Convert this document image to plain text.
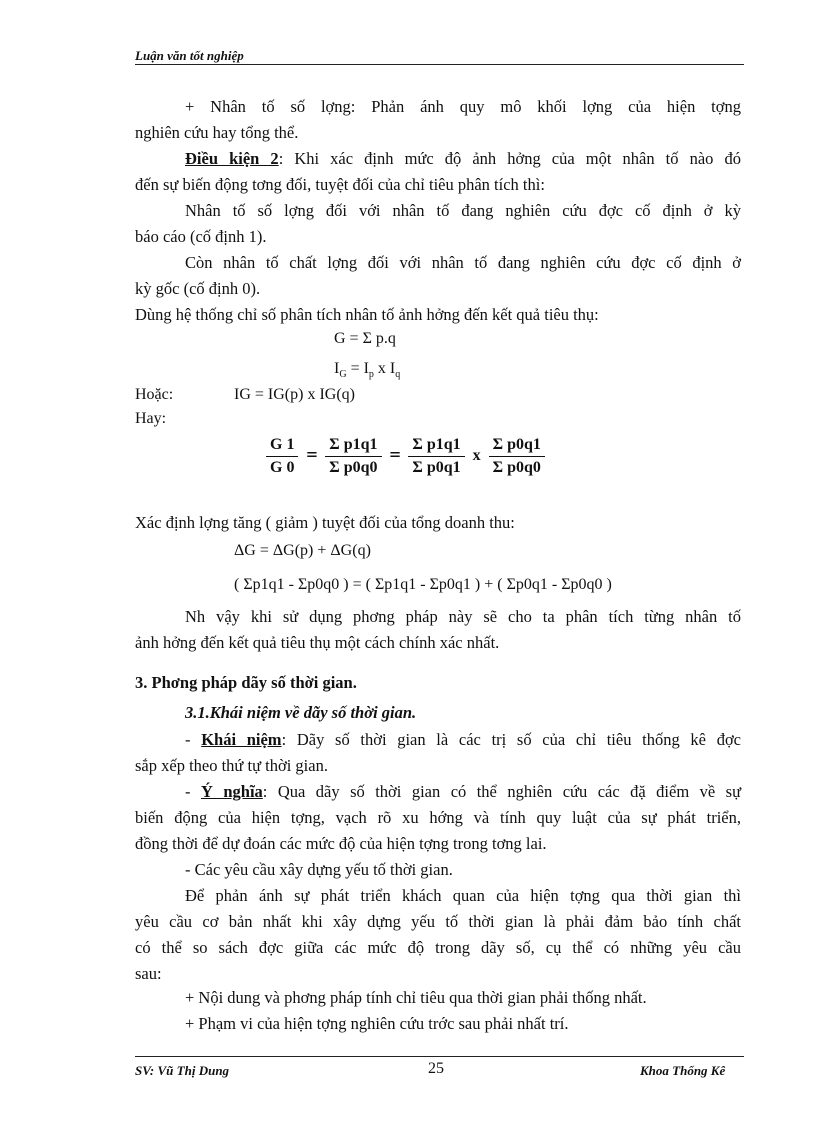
Luận văn tốt nghiệp
+ Nhân tố số lợng: Phản ánh quy mô khối lợng của hiện tợng
nghiên cứu hay tổng thể.
Điều kiện 2: Khi xác định mức độ ảnh hởng của một nhân tố nào đó
đến sự biến động tơng đối, tuyệt đối của chỉ tiêu phân tích thì:
Nhân tố số lợng đối với nhân tố đang nghiên cứu đợc cố định ở kỳ
báo cáo (cố định 1).
Còn nhân tố chất lợng đối với nhân tố đang nghiên cứu đợc cố định ở
kỳ gốc (cố định 0).
Dùng hệ thống chỉ số phân tích nhân tố ảnh hởng đến kết quả tiêu thụ:
G = Σ p.q
$I_G = I_p$ x $I_q$
Hoặc:	IG = IG(p) x IG(q)
Hay:
$\frac{G 1}{G 0} = \frac{\text{Σ p1q1}}{\text{Σ p0q0}} = \frac{\text{Σ p1q1}}{\text{Σ p0q1}}$ x $\frac{\text{Σ p0q1}}{\text{Σ p0q0}}$
Xác định lợng tăng ( giảm ) tuyệt đối của tổng doanh thu:
ΔG = ΔG(p) + ΔG(q)
( Σp1q1 - Σp0q0 ) = ( Σp1q1 - Σp0q1 ) + ( Σp0q1 - Σp0q0 )
Nh vậy khi sử dụng phơng pháp này sẽ cho ta phân tích từng nhân tố
ảnh hởng đến kết quả tiêu thụ một cách chính xác nhất.
3. Phơng pháp dãy số thời gian.
3.1.Khái niệm về dãy số thời gian.
- Khái niệm: Dãy số thời gian là các trị số của chỉ tiêu thống kê đợc
sắp xếp theo thứ tự thời gian.
- Ý nghĩa: Qua dãy số thời gian có thể nghiên cứu các đặ điểm về sự
biến động của hiện tợng, vạch rõ xu hớng và tính quy luật của sự phát triển,
đồng thời để dự đoán các mức độ của hiện tợng trong tơng lai.
- Các yêu cầu xây dựng yếu tố thời gian.
Để phản ánh sự phát triển khách quan của hiện tợng qua thời gian thì
yêu cầu cơ bản nhất khi xây dựng yếu tố thời gian là phải đảm bảo tính chất
có thể so sách đợc giữa các mức độ trong dãy số, cụ thể có những yêu cầu
sau:
+ Nội dung và phơng pháp tính chỉ tiêu qua thời gian phải thống nhất.
+ Phạm vi của hiện tợng nghiên cứu trớc sau phải nhất trí.
SV: Vũ Thị Dung	25	Khoa Thống Kê
